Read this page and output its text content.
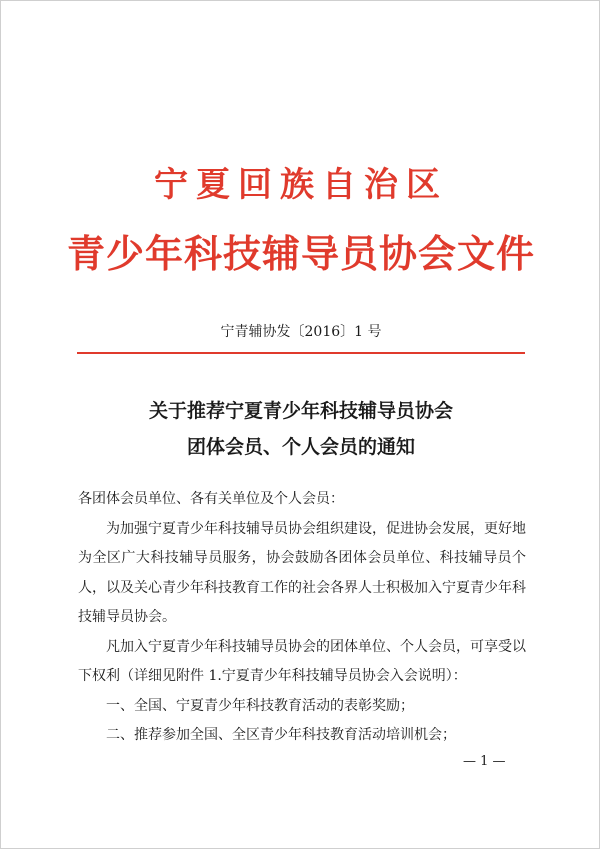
宁夏回族自治区
青少年科技辅导员协会文件
宁青辅协发〔2016〕1 号
关于推荐宁夏青少年科技辅导员协会
团体会员、个人会员的通知

各团体会员单位、各有关单位及个人会员：

为加强宁夏青少年科技辅导员协会组织建设，促进协会发展，更好地为全区广大科技辅导员服务，协会鼓励各团体会员单位、科技辅导员个人，以及关心青少年科技教育工作的社会各界人士积极加入宁夏青少年科技辅导员协会。

凡加入宁夏青少年科技辅导员协会的团体单位、个人会员，可享受以下权利（详细见附件 1.宁夏青少年科技辅导员协会入会说明）：

一、全国、宁夏青少年科技教育活动的表彰奖励；

二、推荐参加全国、全区青少年科技教育活动培训机会；

— 1 —
